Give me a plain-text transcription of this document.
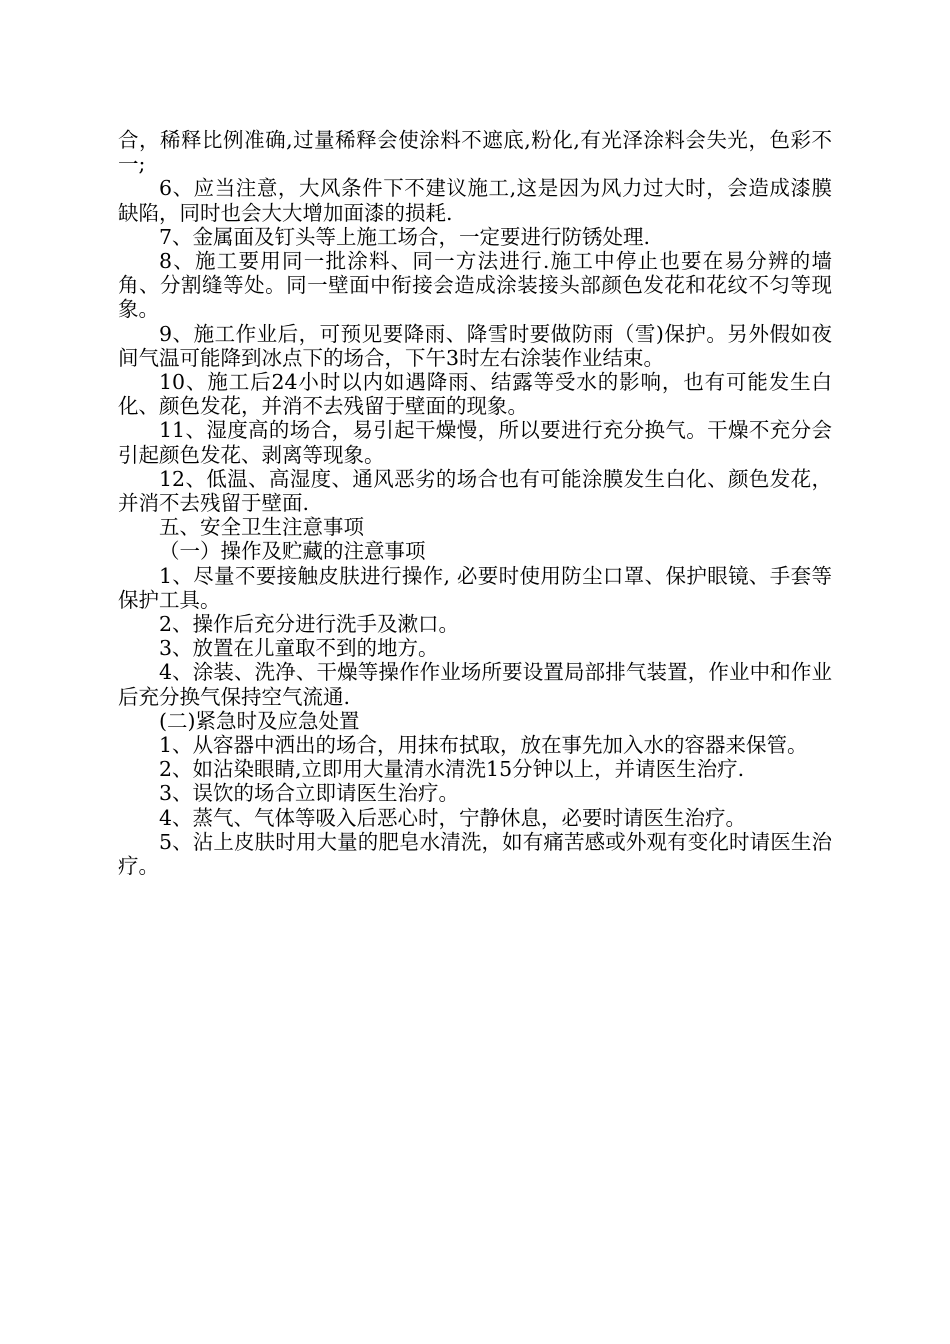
合，稀释比例准确,过量稀释会使涂料不遮底,粉化,有光泽涂料会失光，色彩不一;

6、应当注意，大风条件下不建议施工,这是因为风力过大时，会造成漆膜缺陷，同时也会大大增加面漆的损耗.

7、金属面及钉头等上施工场合，一定要进行防锈处理.

8、施工要用同一批涂料、同一方法进行.施工中停止也要在易分辨的墙角、分割缝等处。同一壁面中衔接会造成涂装接头部颜色发花和花纹不匀等现象。

9、施工作业后，可预见要降雨、降雪时要做防雨（雪)保护。另外假如夜间气温可能降到冰点下的场合，下午3时左右涂装作业结束。

10、施工后24小时以内如遇降雨、结露等受水的影响，也有可能发生白化、颜色发花，并消不去残留于壁面的现象。

11、湿度高的场合，易引起干燥慢，所以要进行充分换气。干燥不充分会引起颜色发花、剥离等现象。

12、低温、高湿度、通风恶劣的场合也有可能涂膜发生白化、颜色发花，并消不去残留于壁面.

五、安全卫生注意事项

（一）操作及贮藏的注意事项

1、尽量不要接触皮肤进行操作, 必要时使用防尘口罩、保护眼镜、手套等保护工具。

2、操作后充分进行洗手及漱口。

3、放置在儿童取不到的地方。

4、涂装、洗净、干燥等操作作业场所要设置局部排气装置，作业中和作业后充分换气保持空气流通.

(二)紧急时及应急处置

1、从容器中洒出的场合，用抹布拭取，放在事先加入水的容器来保管。

2、如沾染眼睛,立即用大量清水清洗15分钟以上，并请医生治疗.

3、误饮的场合立即请医生治疗。

4、蒸气、气体等吸入后恶心时，宁静休息，必要时请医生治疗。

5、沾上皮肤时用大量的肥皂水清洗，如有痛苦感或外观有变化时请医生治疗。
